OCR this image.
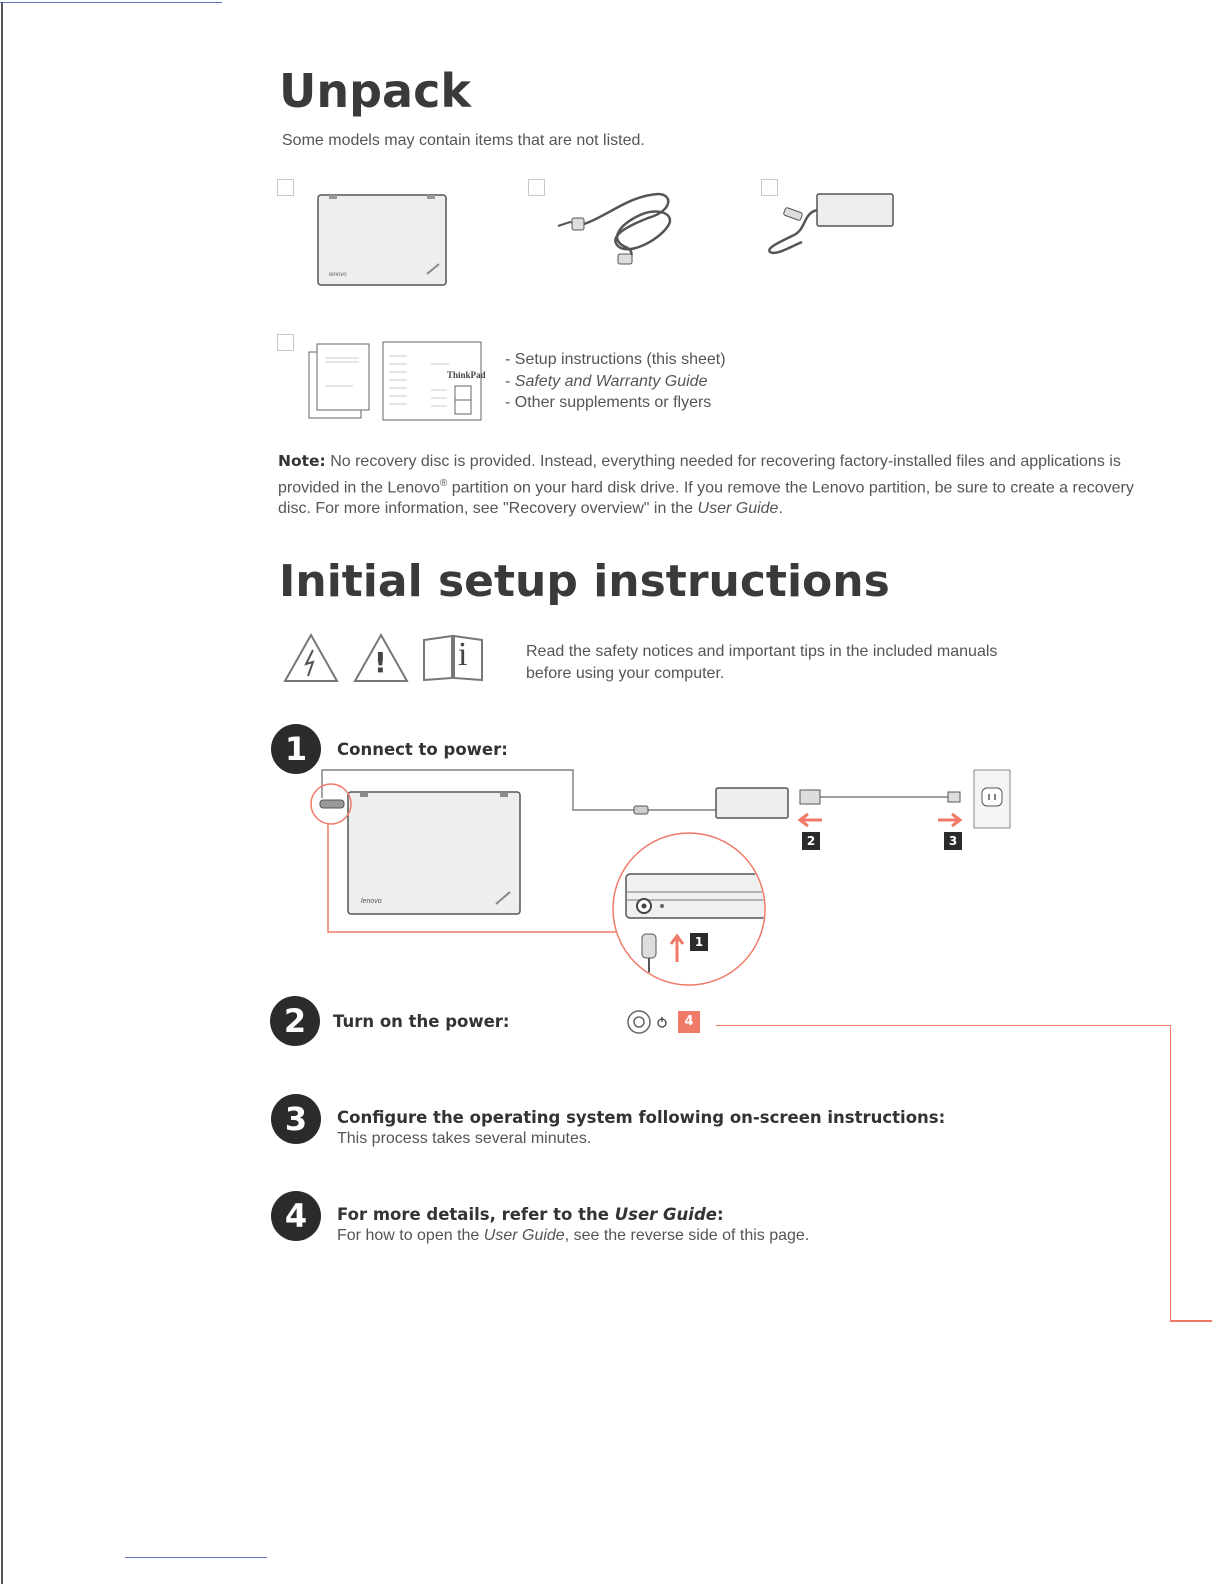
Unpack
Some models may contain items that are not listed.
lenovo
ThinkPad
- Setup instructions (this sheet)
- Safety and Warranty Guide
- Other supplements or flyers
Note: No recovery disc is provided. Instead, everything needed for recovering factory-installed files and applications is provided in the Lenovo® partition on your hard disk drive. If you remove the Lenovo partition, be sure to create a recovery disc. For more information, see "Recovery overview" in the User Guide.
Initial setup instructions
! i	Read the safety notices and important tips in the included manuals
before using your computer.
1	Connect to power:
2	3
1
lenovo
2	Turn on the power:	4
3	Configure the operating system following on-screen instructions:
This process takes several minutes.
4	For more details, refer to the User Guide:
For how to open the User Guide, see the reverse side of this page.
